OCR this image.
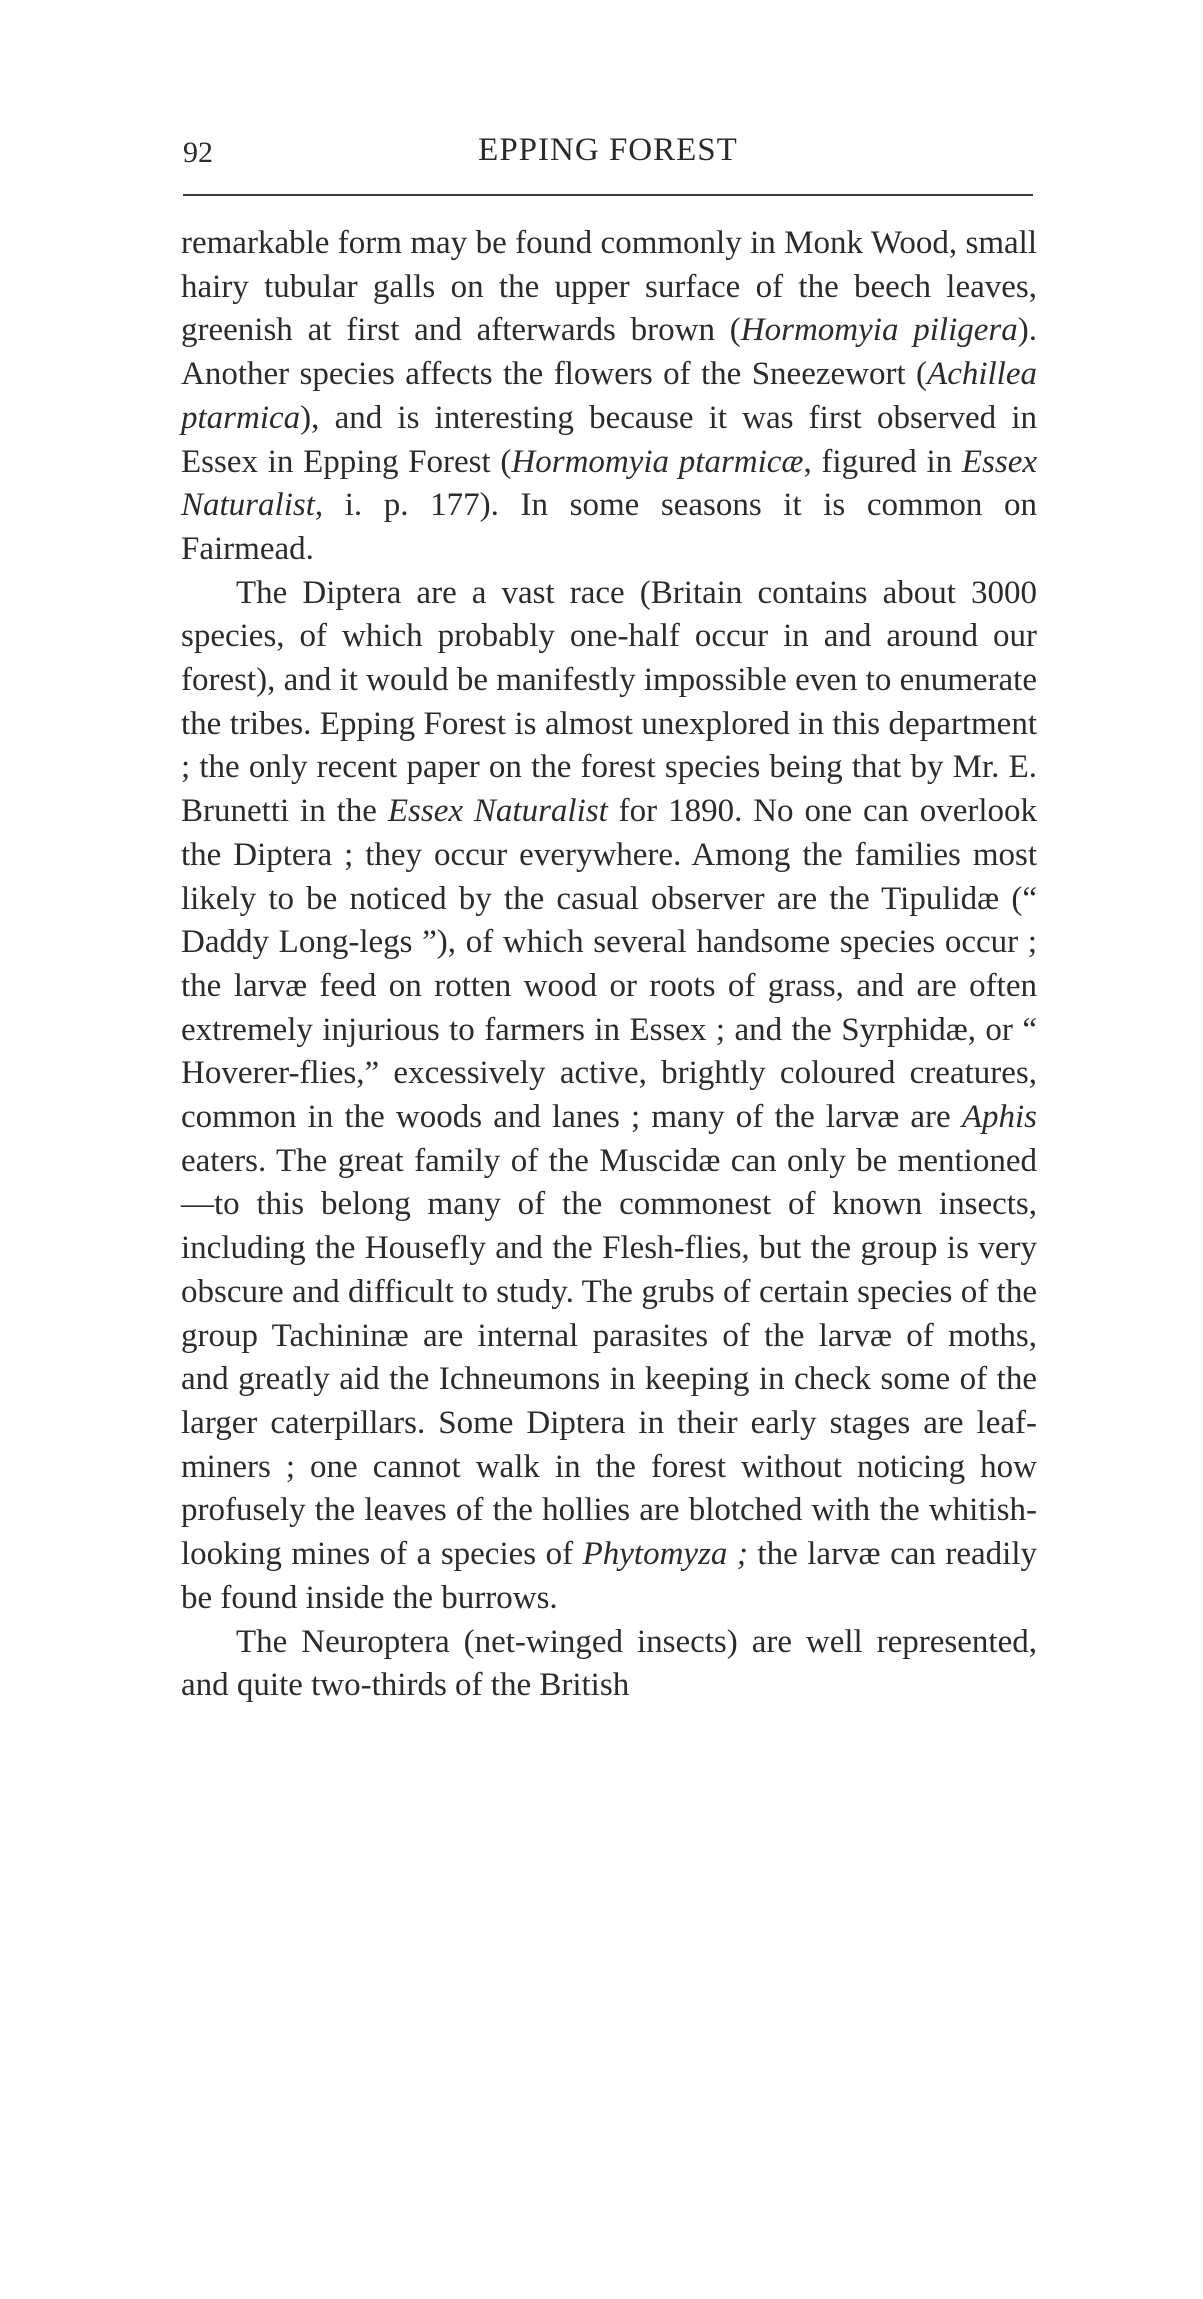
92	EPPING FOREST

remarkable form may be found commonly in Monk Wood, small hairy tubular galls on the upper surface of the beech leaves, greenish at first and afterwards brown (Hormomyia piligera). Another species affects the flowers of the Sneezewort (Achillea ptarmica), and is interesting because it was first observed in Essex in Epping Forest (Hormomyia ptarmicæ, figured in Essex Naturalist, i. p. 177). In some seasons it is common on Fairmead.

The Diptera are a vast race (Britain contains about 3000 species, of which probably one-half occur in and around our forest), and it would be manifestly impossible even to enumerate the tribes. Epping Forest is almost unexplored in this department ; the only recent paper on the forest species being that by Mr. E. Brunetti in the Essex Naturalist for 1890. No one can overlook the Diptera ; they occur everywhere. Among the families most likely to be noticed by the casual observer are the Tipulidæ (“ Daddy Long-legs ”), of which several handsome species occur ; the larvæ feed on rotten wood or roots of grass, and are often extremely injurious to farmers in Essex ; and the Syrphidæ, or “ Hoverer-flies,” excessively active, brightly coloured creatures, common in the woods and lanes ; many of the larvæ are Aphis eaters. The great family of the Muscidæ can only be mentioned—to this belong many of the commonest of known insects, including the Housefly and the Flesh-flies, but the group is very obscure and difficult to study. The grubs of certain species of the group Tachininæ are internal parasites of the larvæ of moths, and greatly aid the Ichneumons in keeping in check some of the larger caterpillars. Some Diptera in their early stages are leaf-miners ; one cannot walk in the forest without noticing how profusely the leaves of the hollies are blotched with the whitish-looking mines of a species of Phytomyza ; the larvæ can readily be found inside the burrows.

The Neuroptera (net-winged insects) are well represented, and quite two-thirds of the British
